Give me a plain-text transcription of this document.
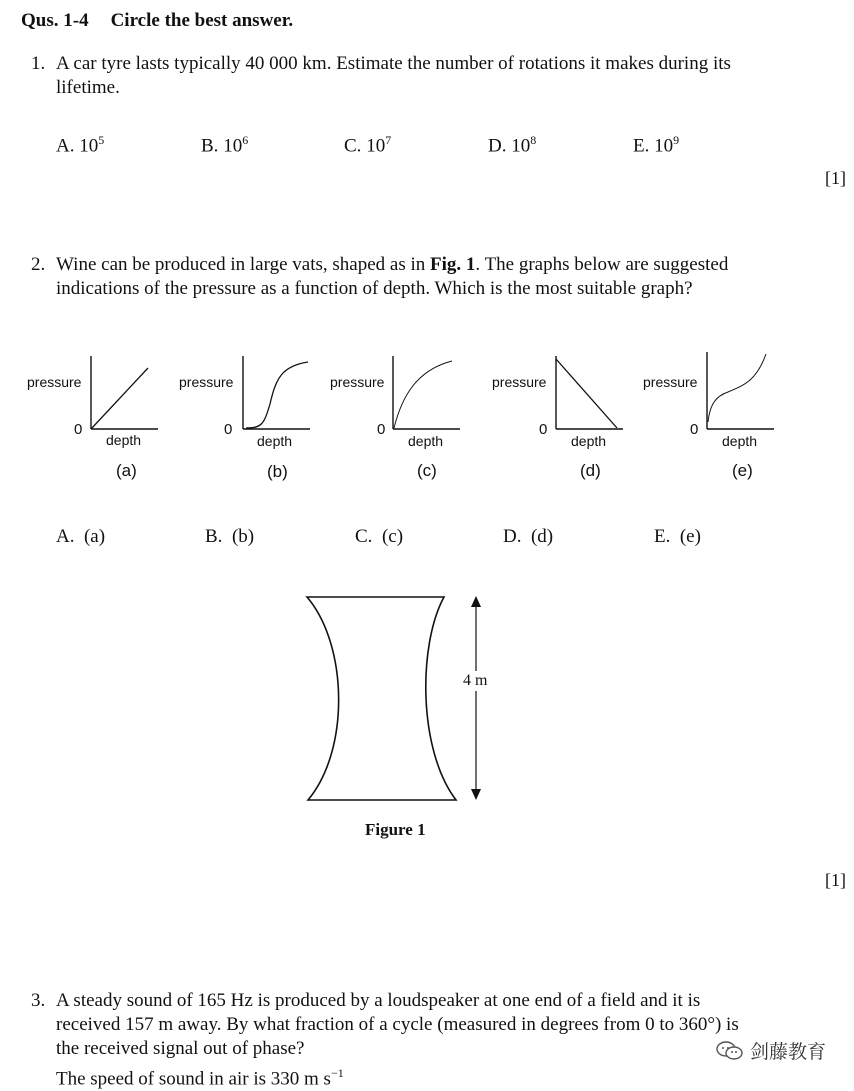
Qus. 1-4 Circle the best answer.
1. A car tyre lasts typically 40 000 km. Estimate the number of rotations it makes during its
lifetime.
A. $10^5$	B. $10^6$	C. $10^7$	D. $10^8$	E. $10^9$
[1]
2. Wine can be produced in large vats, shaped as in Fig. 1. The graphs below are suggested
indications of the pressure as a function of depth. Which is the most suitable graph?
pressure
0
depth
(a)
pressure
0
depth
(b)
pressure
0
depth
(c)
pressure
0
depth
(d)
pressure
0
depth
(e)
A. (a)	B. (b)	C. (c)	D. (d)	E. (e)
4 m
Figure 1
[1]
3. A steady sound of 165 Hz is produced by a loudspeaker at one end of a field and it is
received 157 m away. By what fraction of a cycle (measured in degrees from 0 to 360°) is
the received signal out of phase?
The speed of sound in air is 330 m $s^{-1}$
剑藤教育
